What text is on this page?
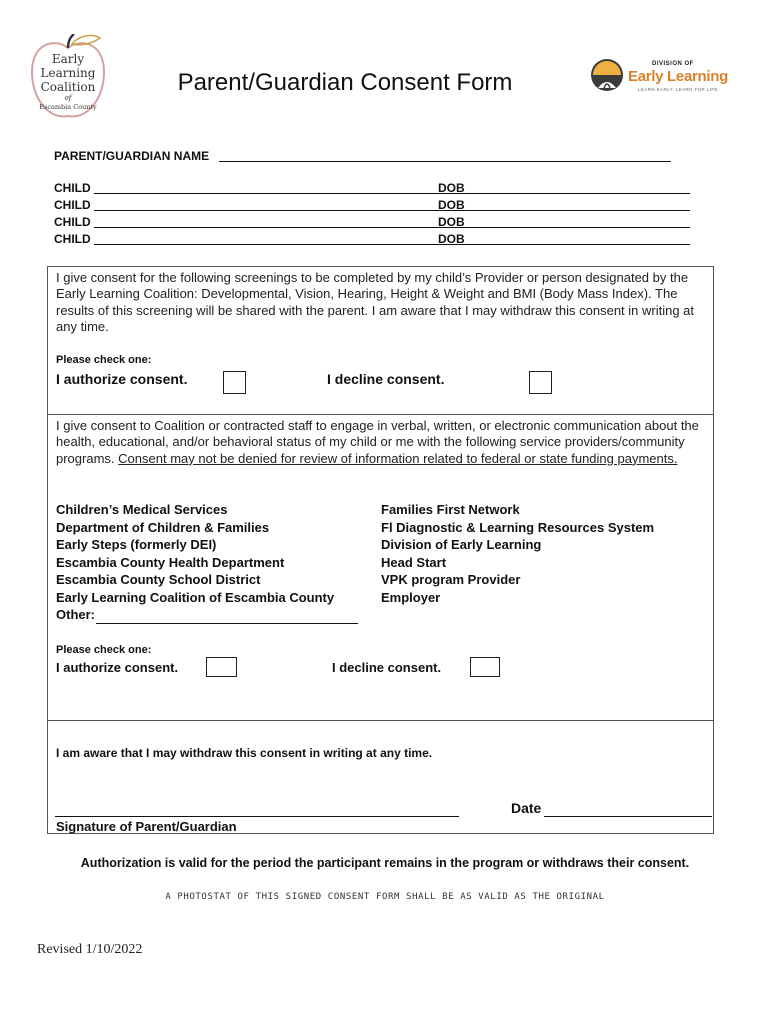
Early
Learning
Coalition
of
Escambia County
Parent/Guardian Consent Form
DIVISION OF
Early Learning
LEARN EARLY. LEARN FOR LIFE.
PARENT/GUARDIAN NAME
CHILD	DOB
CHILD	DOB
CHILD	DOB
CHILD	DOB
I give consent for the following screenings to be completed by my child’s Provider or person designated by the Early Learning Coalition: Developmental, Vision, Hearing, Height & Weight and BMI (Body Mass Index). The results of this screening will be shared with the parent. I am aware that I may withdraw this consent in writing at any time.
Please check one:
I authorize consent.	I decline consent.
I give consent to Coalition or contracted staff to engage in verbal, written, or electronic communication about the health, educational, and/or behavioral status of my child or me with the following service providers/community programs. Consent may not be denied for review of information related to federal or state funding payments.
Children’s Medical Services
Department of Children & Families
Early Steps (formerly DEI)
Escambia County Health Department
Escambia County School District
Early Learning Coalition of Escambia County
Other:
Families First Network
Fl Diagnostic & Learning Resources System
Division of Early Learning
Head Start
VPK program Provider
Employer
Please check one:
I authorize consent.	I decline consent.
I am aware that I may withdraw this consent in writing at any time.
Date
Signature of Parent/Guardian
Authorization is valid for the period the participant remains in the program or withdraws their consent.
A PHOTOSTAT OF THIS SIGNED CONSENT FORM SHALL BE AS VALID AS THE ORIGINAL
Revised 1/10/2022
